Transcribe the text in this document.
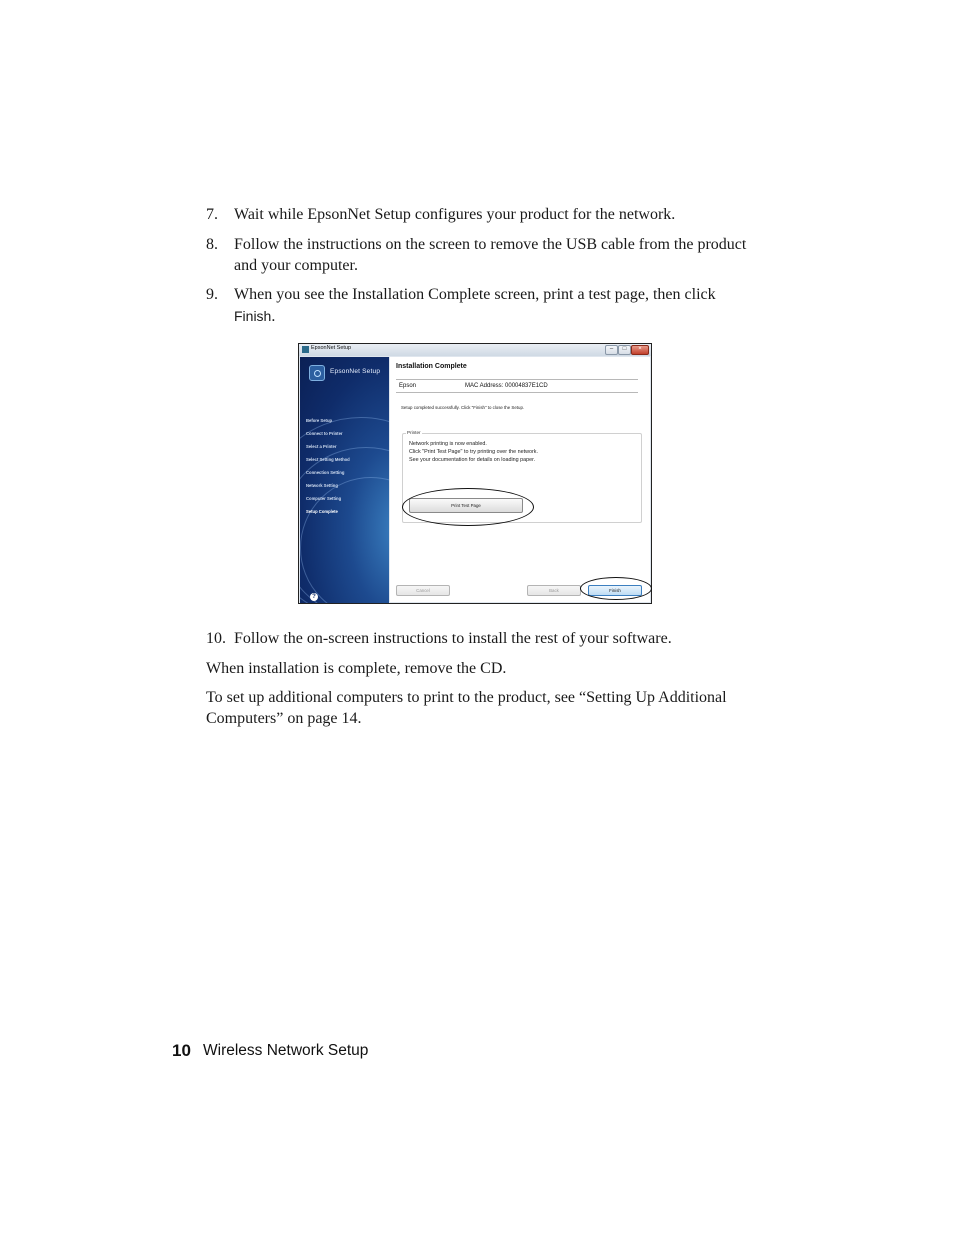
7.	Wait while EpsonNet Setup configures your product for the network.
8.	Follow the instructions on the screen to remove the USB cable from the product and your computer.
9.	When you see the Installation Complete screen, print a test page, then click Finish.
EpsonNet Setup	–	□	×
EpsonNet Setup
Before Setup
Connect to Printer
Select a Printer
Select Setting Method
Connection Setting
Network Setting
Computer Setting
Setup Complete
?
Installation Complete
Epson	MAC Address: 00004837E1CD
Setup completed successfully. Click "Finish" to close the Setup.
Printer
Network printing is now enabled.
Click "Print Test Page" to try printing over the network.
See your documentation for details on loading paper.
Print Test Page
Cancel	Back	Finish
10. Follow the on-screen instructions to install the rest of your software.
When installation is complete, remove the CD.
To set up additional computers to print to the product, see “Setting Up Additional Computers” on page 14.
10 Wireless Network Setup
